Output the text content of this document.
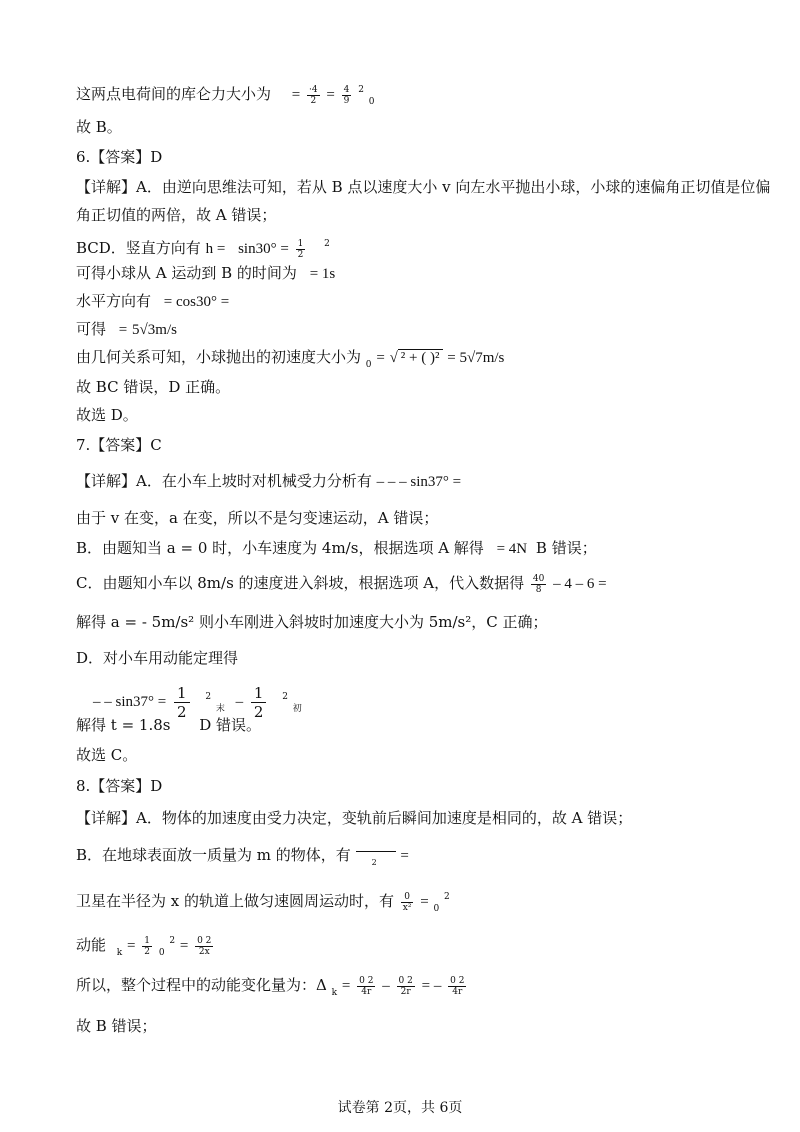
这两点电荷间的库仑力大小为 = $\frac{\cdot 4}{2} = \frac{4}{9} ^2$ $_0$
故 B。
6.【答案】D
【详解】A．由逆向思维法可知，若从 B 点以速度大小 v 向左水平抛出小球，小球的速偏角正切值是位偏
角正切值的两倍，故 A 错误；
BCD．竖直方向有 $h = \sin 30^\circ = \frac{1}{2} ^2$
可得小球从 A 运动到 B 的时间为 = 1s
水平方向有 = cos30° =
可得 = 5√3m/s
由几何关系可知，小球抛出的初速度大小为 $_0$ = √ ² + ( )² = 5√7m/s
故 BC 错误，D 正确。
故选 D。
7.【答案】C
【详解】A．在小车上坡时对机械受力分析有 – – – sin37° =
由于 v 在变，a 在变，所以不是匀变速运动，A 错误；
B．由题知当 a = 0 时，小车速度为 4m/s，根据选项 A 解得 = 4N B 错误；
C．由题知小车以 8m/s 的速度进入斜坡，根据选项 A，代入数据得 $\frac{40}{8} - 4 - 6$ =
解得 a = - 5m/s² 则小车刚进入斜坡时加速度大小为 5m/s²，C 正确；
D．对小车用动能定理得
– – $\sin 37^\circ = \frac{1}{2} ^2$ $_末 - \frac{1}{2} ^2$ $_初$
解得 t = 1.8s D 错误。
故选 C。
8.【答案】D
【详解】A．物体的加速度由受力决定，变轨前后瞬间加速度是相同的，故 A 错误；
B．在地球表面放一质量为 m 的物体，有	2 =
卫星在半径为 x 的轨道上做匀速圆周运动时，有 $\frac{0}{\text{x²}} = _0$ $^2$
动能 $_k = \frac{1}{2} _0$ $^2 = \frac{0 2}{2x}$
所以，整个过程中的动能变化量为：Δ $_k = \frac{0 2}{4r} - \frac{0 2}{2r}$ = – $\frac{0 2}{4r}$
故 B 错误；
试卷第 2页，共 6页
